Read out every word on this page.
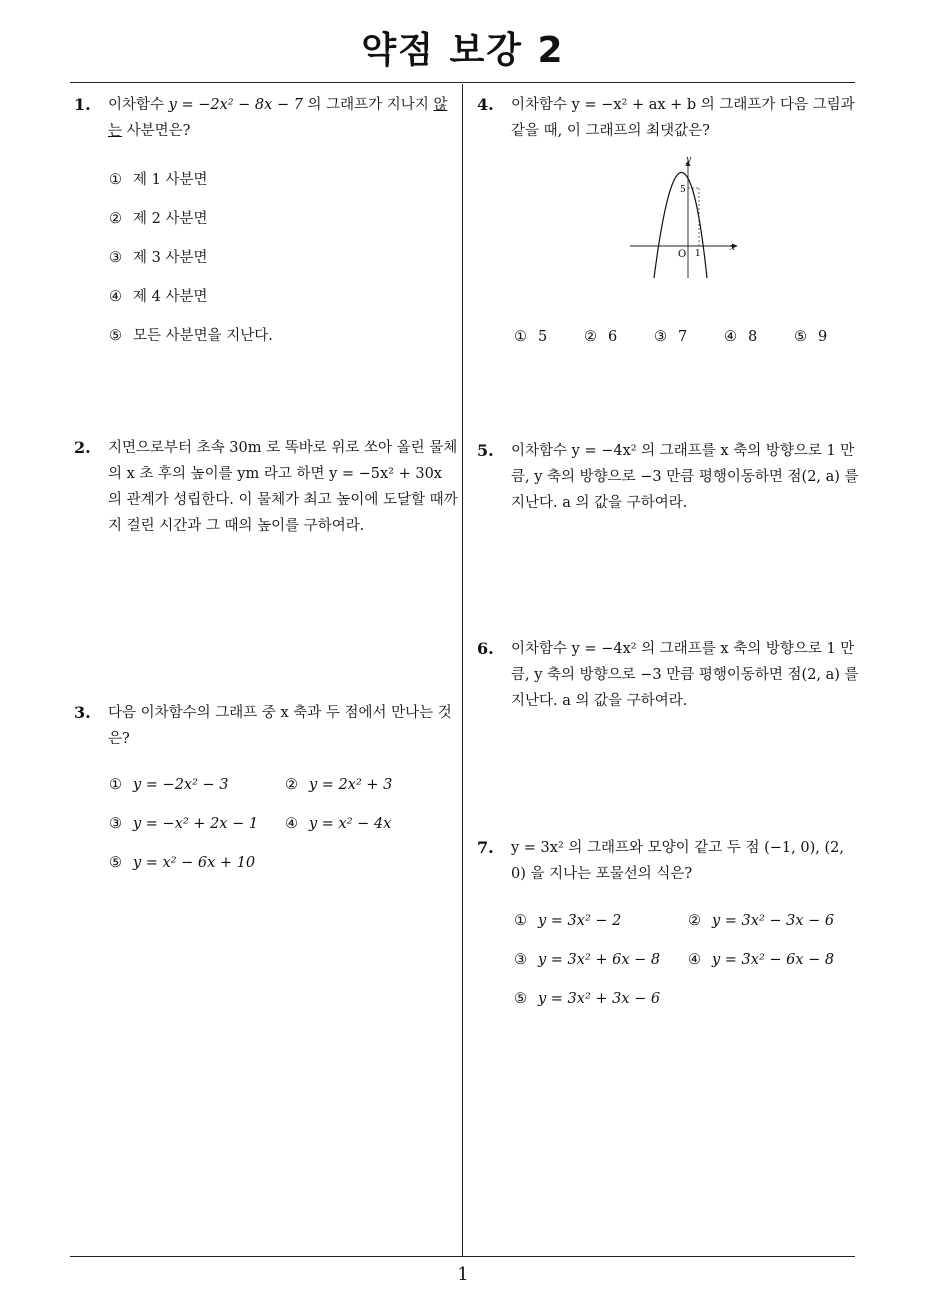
약점 보강 2
1
1. 이차함수 y = −2x² − 8x − 7 의 그래프가 지나지 않는 사분면은?
① 제 1 사분면
② 제 2 사분면
③ 제 3 사분면
④ 제 4 사분면
⑤ 모든 사분면을 지난다.
2. 지면으로부터 초속 30m 로 똑바로 위로 쏘아 올린 물체의 x 초 후의 높이를 ym 라고 하면 y = −5x² + 30x 의 관계가 성립한다. 이 물체가 최고 높이에 도달할 때까지 걸린 시간과 그 때의 높이를 구하여라.
3. 다음 이차함수의 그래프 중 x 축과 두 점에서 만나는 것은?
① y = −2x² − 3	② y = 2x² + 3
③ y = −x² + 2x − 1 ④ y = x² − 4x
⑤ y = x² − 6x + 10
4. 이차함수 y = −x² + ax + b 의 그래프가 다음 그림과 같을 때, 이 그래프의 최댓값은?
y
x
O
5
1
① 5	② 6	③ 7	④ 8	⑤ 9
5. 이차함수 y = −4x² 의 그래프를 x 축의 방향으로 1 만큼, y 축의 방향으로 −3 만큼 평행이동하면 점(2, a) 를 지난다. a 의 값을 구하여라.
6. 이차함수 y = −4x² 의 그래프를 x 축의 방향으로 1 만큼, y 축의 방향으로 −3 만큼 평행이동하면 점(2, a) 를 지난다. a 의 값을 구하여라.
7. y = 3x² 의 그래프와 모양이 같고 두 점 (−1, 0), (2, 0) 을 지나는 포물선의 식은?
① y = 3x² − 2	② y = 3x² − 3x − 6
③ y = 3x² + 6x − 8 ④ y = 3x² − 6x − 8
⑤ y = 3x² + 3x − 6
